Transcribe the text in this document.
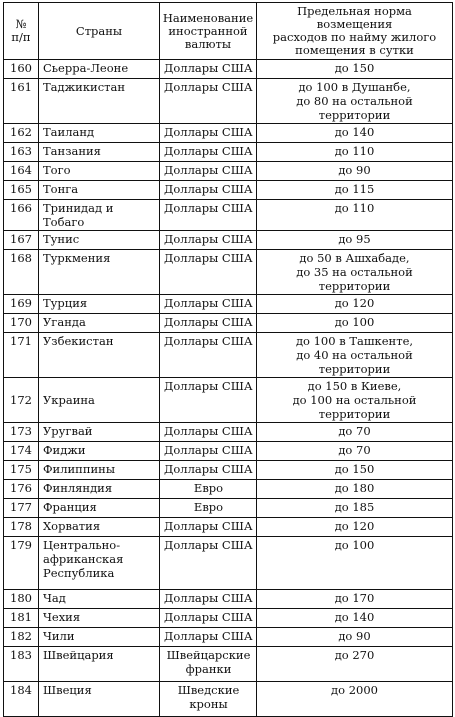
№
п/п	Страны	Наименование
иностранной
валюты	Предельная норма возмещения
расходов по найму жилого
помещения в сутки
160	Сьерра-Леоне	Доллары США	до 150
161	Таджикистан	Доллары США	до 100 в Душанбе,
до 80 на остальной территории
162	Таиланд	Доллары США	до 140
163	Танзания	Доллары США	до 110
164	Того	Доллары США	до 90
165	Тонга	Доллары США	до 115
166	Тринидад и Тобаго	Доллары США	до 110
167	Тунис	Доллары США	до 95
168	Туркмения	Доллары США	до 50 в Ашхабаде,
до 35 на остальной территории
169	Турция	Доллары США	до 120
170	Уганда	Доллары США	до 100
171	Узбекистан	Доллары США	до 100 в Ташкенте,
до 40 на остальной территории
172	Украина	Доллары США	до 150 в Киеве,
до 100 на остальной территории
173	Уругвай	Доллары США	до 70
174	Фиджи	Доллары США	до 70
175	Филиппины	Доллары США	до 150
176	Финляндия	Евро	до 180
177	Франция	Евро	до 185
178	Хорватия	Доллары США	до 120
179	Центрально-
африканская
Республика	Доллары США	до 100
180	Чад	Доллары США	до 170
181	Чехия	Доллары США	до 140
182	Чили	Доллары США	до 90
183	Швейцария	Швейцарские
франки	до 270
184	Швеция	Шведские
кроны	до 2000
